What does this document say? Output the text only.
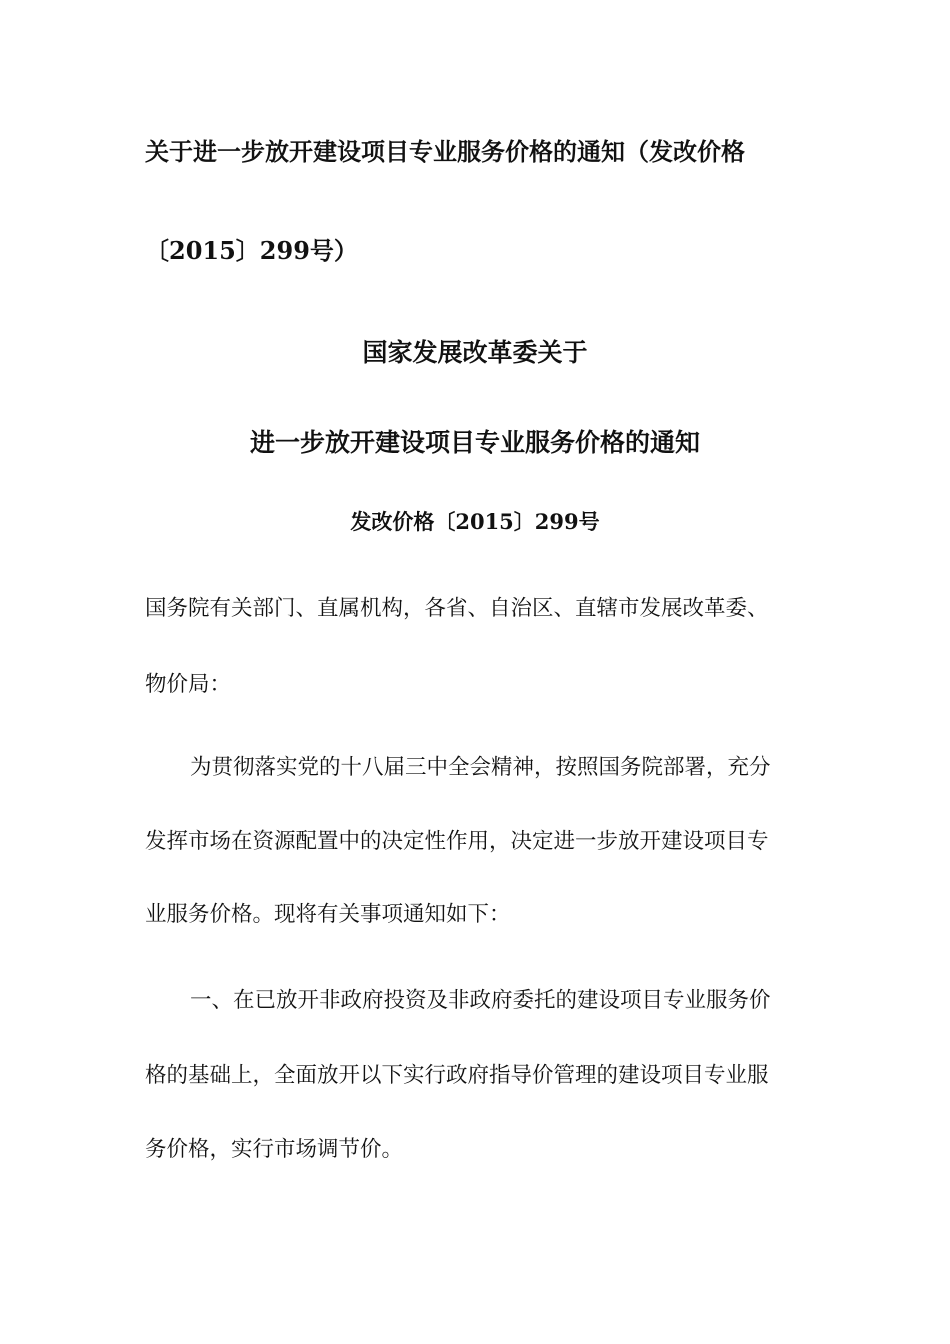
关于进一步放开建设项目专业服务价格的通知（发改价格
〔2015〕299号）
国家发展改革委关于
进一步放开建设项目专业服务价格的通知
发改价格〔2015〕299号
国务院有关部门、直属机构，各省、自治区、直辖市发展改革委、
物价局：
为贯彻落实党的十八届三中全会精神，按照国务院部署，充分
发挥市场在资源配置中的决定性作用，决定进一步放开建设项目专
业服务价格。现将有关事项通知如下：
一、在已放开非政府投资及非政府委托的建设项目专业服务价
格的基础上，全面放开以下实行政府指导价管理的建设项目专业服
务价格，实行市场调节价。
